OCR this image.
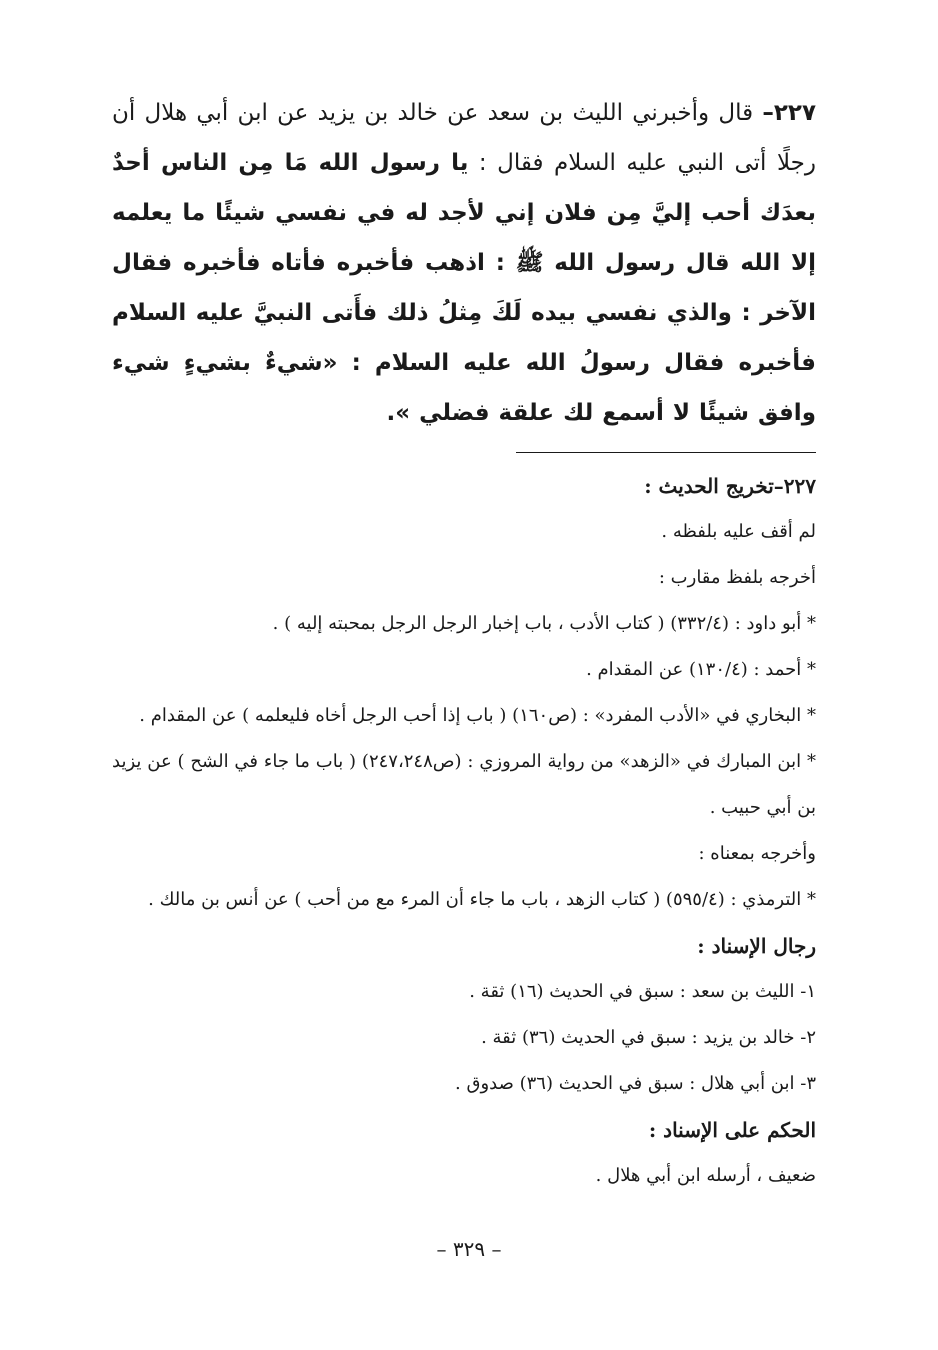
٢٢٧– قال وأخبرني الليث بن سعد عن خالد بن يزيد عن ابن أبي هلال أن رجلًا أتى النبي عليه السلام فقال : يا رسول الله مَا مِن الناس أحدٌ بعدَك أحب إليَّ مِن فلان إني لأجد له في نفسي شيئًا ما يعلمه إلا الله قال رسول الله ﷺ : اذهب فأخبره فأتاه فأخبره فقال الآخر : والذي نفسي بيده لَكَ مِثلُ ذلك فأَتى النبيَّ عليه السلام فأخبره فقال رسولُ الله عليه السلام : «شيءٌ بشيءٍ شيء وافق شيئًا لا أسمع لك علقة فضلي ».

٢٢٧–تخريج الحديث :

لم أقف عليه بلفظه .

أخرجه بلفظ مقارب :

* أبو داود : (٣٣٢/٤) ( كتاب الأدب ، باب إخبار الرجل الرجل بمحبته إليه ) .

* أحمد : (١٣٠/٤) عن المقدام .

* البخاري في «الأدب المفرد» : (ص١٦٠) ( باب إذا أحب الرجل أخاه فليعلمه ) عن المقدام .

* ابن المبارك في «الزهد» من رواية المروزي : (ص٢٤٧،٢٤٨) ( باب ما جاء في الشح ) عن يزيد بن أبي حبيب .

وأخرجه بمعناه :

* الترمذي : (٥٩٥/٤) ( كتاب الزهد ، باب ما جاء أن المرء مع من أحب ) عن أنس بن مالك .

رجال الإسناد :

١- الليث بن سعد : سبق في الحديث (١٦) ثقة .

٢- خالد بن يزيد : سبق في الحديث (٣٦) ثقة .

٣- ابن أبي هلال : سبق في الحديث (٣٦) صدوق .

الحكم على الإسناد :

ضعيف ، أرسله ابن أبي هلال .

– ٣٢٩ –
